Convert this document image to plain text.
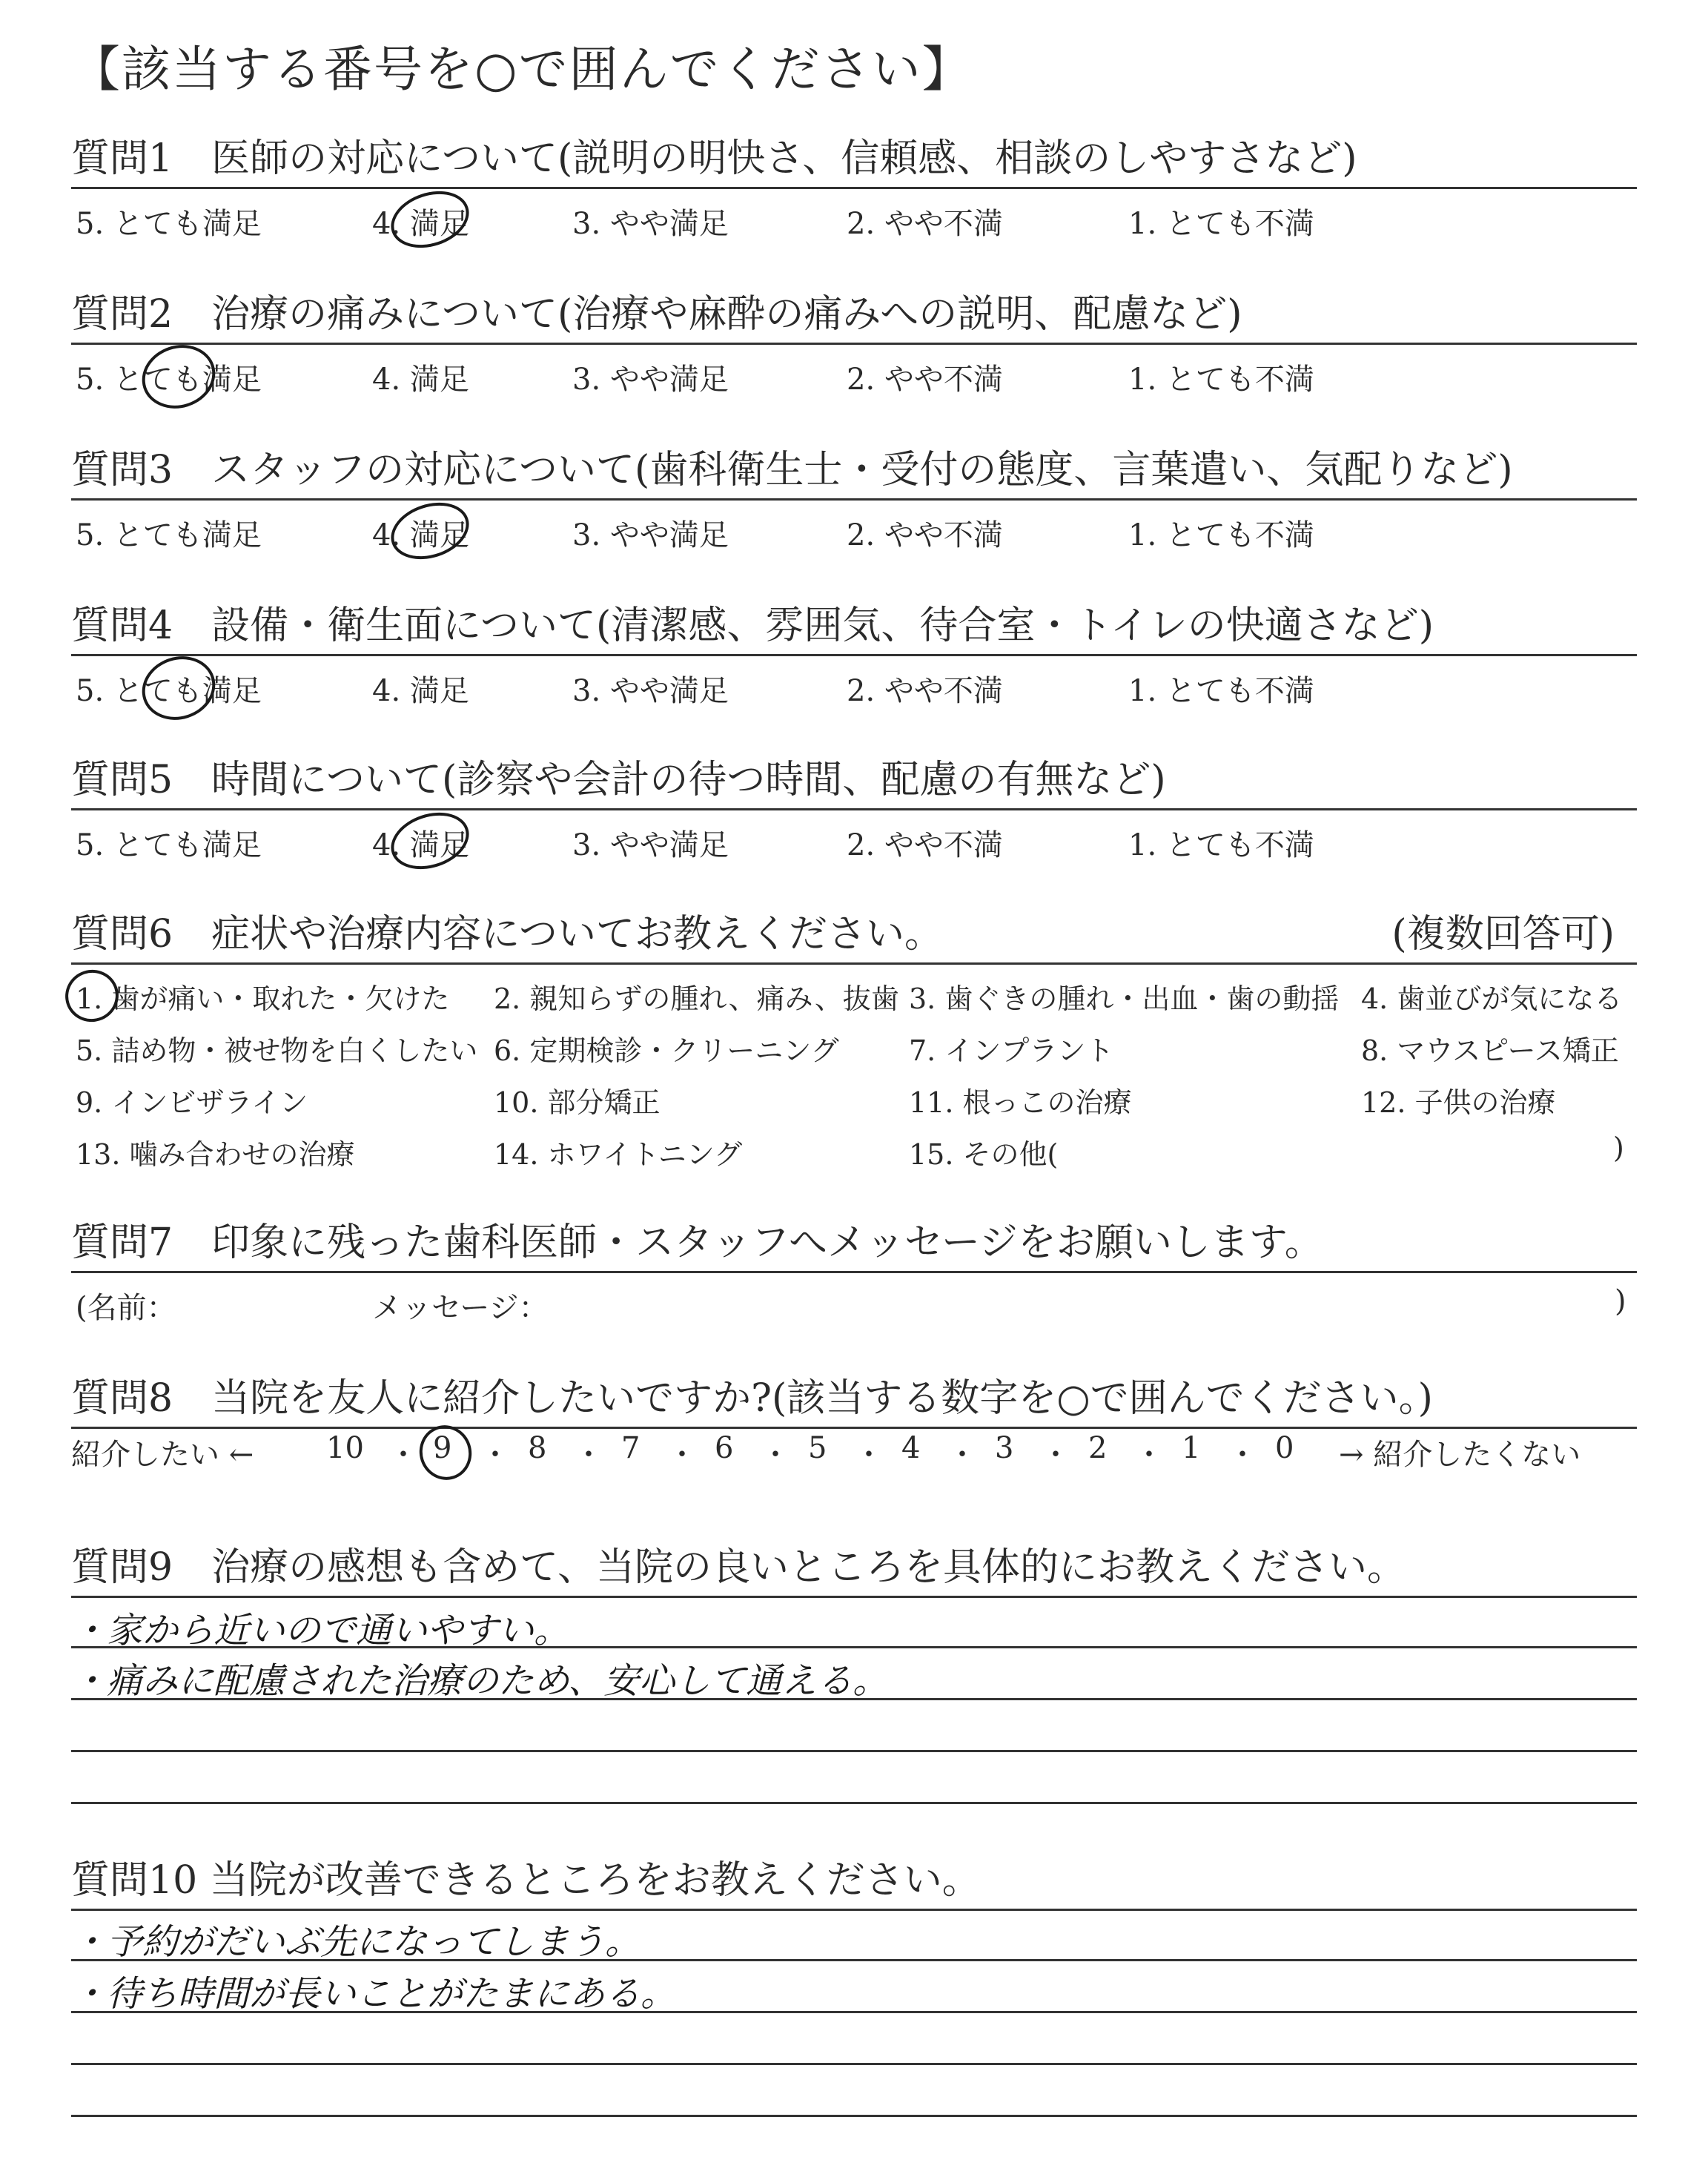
【該当する番号を○で囲んでください】
質問1　医師の対応について(説明の明快さ、信頼感、相談のしやすさなど)
5. とても満足	4. 満足	3. やや満足	2. やや不満	1. とても不満
質問2　治療の痛みについて(治療や麻酔の痛みへの説明、配慮など)
5. とても満足	4. 満足	3. やや満足	2. やや不満	1. とても不満
質問3　スタッフの対応について(歯科衛生士・受付の態度、言葉遣い、気配りなど)
5. とても満足	4. 満足	3. やや満足	2. やや不満	1. とても不満
質問4　設備・衛生面について(清潔感、雰囲気、待合室・トイレの快適さなど)
5. とても満足	4. 満足	3. やや満足	2. やや不満	1. とても不満
質問5　時間について(診察や会計の待つ時間、配慮の有無など)
5. とても満足	4. 満足	3. やや満足	2. やや不満	1. とても不満
質問6　症状や治療内容についてお教えください。	(複数回答可)
1. 歯が痛い・取れた・欠けた 2. 親知らずの腫れ、痛み、抜歯 3. 歯ぐきの腫れ・出血・歯の動揺 4. 歯並びが気になる
5. 詰め物・被せ物を白くしたい 6. 定期検診・クリーニング 7. インプラント	8. マウスピース矯正
9. インビザライン	10. 部分矯正	11. 根っこの治療	12. 子供の治療
13. 噛み合わせの治療	14. ホワイトニング	15. その他(	)
質問7　印象に残った歯科医師・スタッフへメッセージをお願いします。
(名前：	メッセージ：	)
質問8　当院を友人に紹介したいですか?(該当する数字を○で囲んでください。)
紹介したい ← 10 ・ 9 ・ 8 ・ 7 ・ 6 ・ 5 ・ 4 ・ 3 ・ 2 ・ 1 ・ 0 → 紹介したくない
質問9　治療の感想も含めて、当院の良いところを具体的にお教えください。
・家から近いので通いやすい。
・痛みに配慮された治療のため、安心して通える。
質問10 当院が改善できるところをお教えください。
・予約がだいぶ先になってしまう。
・待ち時間が長いことがたまにある。
